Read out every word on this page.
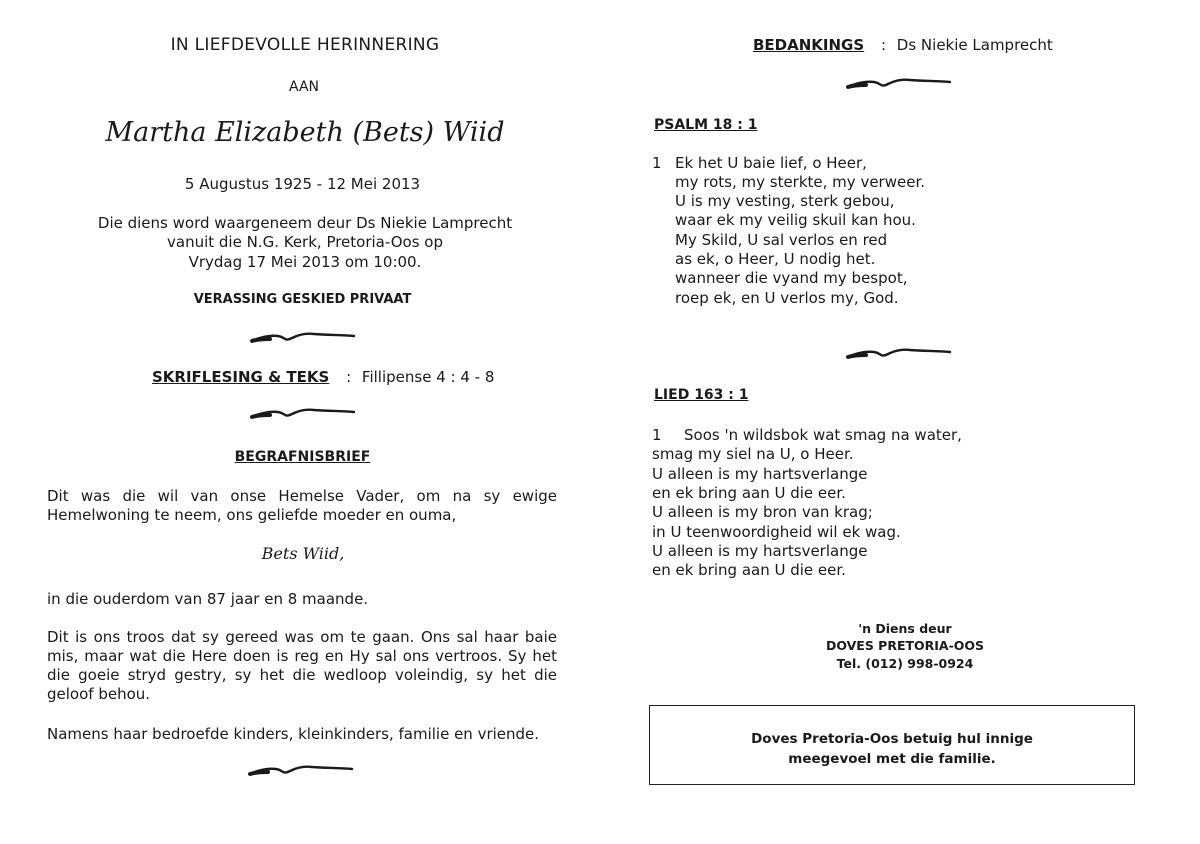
IN LIEFDEVOLLE HERINNERING
AAN
Martha Elizabeth (Bets) Wiid
5 Augustus 1925 - 12 Mei 2013
Die diens word waargeneem deur Ds Niekie Lamprecht
vanuit die N.G. Kerk, Pretoria-Oos op
Vrydag 17 Mei 2013 om 10:00.
VERASSING GESKIED PRIVAAT
SKRIFLESING & TEKS : Fillipense 4 : 4 - 8
BEGRAFNISBRIEF
Dit was die wil van onse Hemelse Vader, om na sy ewige Hemelwoning te neem, ons geliefde moeder en ouma,
Bets Wiid,
in die ouderdom van 87 jaar en 8 maande.
Dit is ons troos dat sy gereed was om te gaan. Ons sal haar baie mis, maar wat die Here doen is reg en Hy sal ons vertroos. Sy het die goeie stryd gestry, sy het die wedloop voleindig, sy het die geloof behou.
Namens haar bedroefde kinders, kleinkinders, familie en vriende.
BEDANKINGS : Ds Niekie Lamprecht
PSALM 18 : 1
1 Ek het U baie lief, o Heer,
my rots, my sterkte, my verweer.
U is my vesting, sterk gebou,
waar ek my veilig skuil kan hou.
My Skild, U sal verlos en red
as ek, o Heer, U nodig het.
wanneer die vyand my bespot,
roep ek, en U verlos my, God.
LIED 163 : 1
1 Soos 'n wildsbok wat smag na water,
smag my siel na U, o Heer.
U alleen is my hartsverlange
en ek bring aan U die eer.
U alleen is my bron van krag;
in U teenwoordigheid wil ek wag.
U alleen is my hartsverlange
en ek bring aan U die eer.
'n Diens deur
DOVES PRETORIA-OOS
Tel. (012) 998-0924
Doves Pretoria-Oos betuig hul innige
meegevoel met die familie.
